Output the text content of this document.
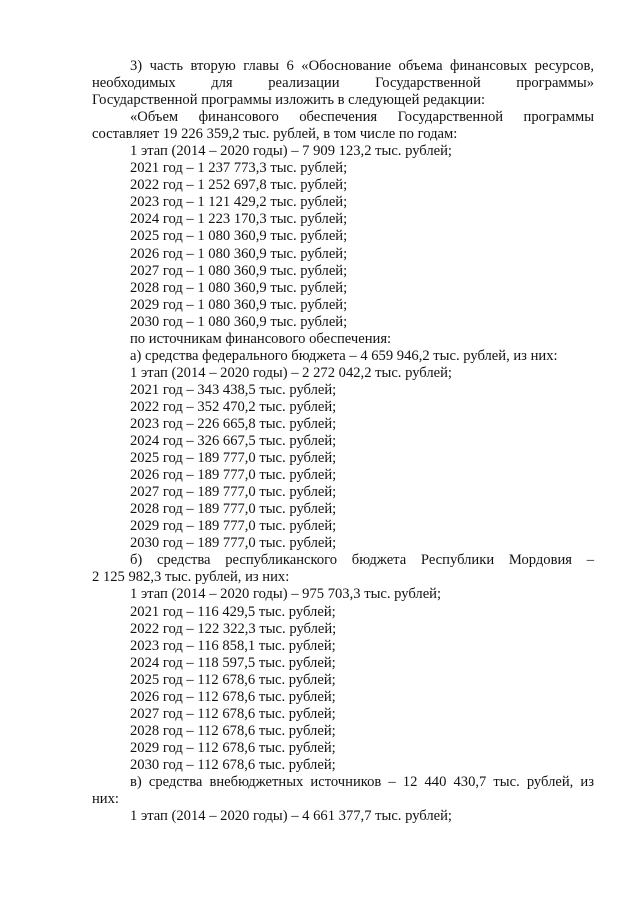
3) часть вторую главы 6 «Обоснование объема финансовых ресурсов,

необходимых для реализации Государственной программы»

Государственной программы изложить в следующей редакции:

«Объем финансового обеспечения Государственной программы

составляет 19 226 359,2 тыс. рублей, в том числе по годам:

1 этап (2014 – 2020 годы) – 7 909 123,2 тыс. рублей;
2021 год – 1 237 773,3 тыс. рублей;
2022 год – 1 252 697,8 тыс. рублей;
2023 год – 1 121 429,2 тыс. рублей;
2024 год – 1 223 170,3 тыс. рублей;
2025 год – 1 080 360,9 тыс. рублей;
2026 год – 1 080 360,9 тыс. рублей;
2027 год – 1 080 360,9 тыс. рублей;
2028 год – 1 080 360,9 тыс. рублей;
2029 год – 1 080 360,9 тыс. рублей;
2030 год – 1 080 360,9 тыс. рублей;
по источникам финансового обеспечения:
а) средства федерального бюджета – 4 659 946,2 тыс. рублей, из них:
1 этап (2014 – 2020 годы) – 2 272 042,2 тыс. рублей;
2021 год – 343 438,5 тыс. рублей;
2022 год – 352 470,2 тыс. рублей;
2023 год – 226 665,8 тыс. рублей;
2024 год – 326 667,5 тыс. рублей;
2025 год – 189 777,0 тыс. рублей;
2026 год – 189 777,0 тыс. рублей;
2027 год – 189 777,0 тыс. рублей;
2028 год – 189 777,0 тыс. рублей;
2029 год – 189 777,0 тыс. рублей;
2030 год – 189 777,0 тыс. рублей;

б) средства республиканского бюджета Республики Мордовия –

2 125 982,3 тыс. рублей, из них:

1 этап (2014 – 2020 годы) – 975 703,3 тыс. рублей;
2021 год – 116 429,5 тыс. рублей;
2022 год – 122 322,3 тыс. рублей;
2023 год – 116 858,1 тыс. рублей;
2024 год – 118 597,5 тыс. рублей;
2025 год – 112 678,6 тыс. рублей;
2026 год – 112 678,6 тыс. рублей;
2027 год – 112 678,6 тыс. рублей;
2028 год – 112 678,6 тыс. рублей;
2029 год – 112 678,6 тыс. рублей;
2030 год – 112 678,6 тыс. рублей;

в) средства внебюджетных источников – 12 440 430,7 тыс. рублей, из

них:

1 этап (2014 – 2020 годы) – 4 661 377,7 тыс. рублей;
